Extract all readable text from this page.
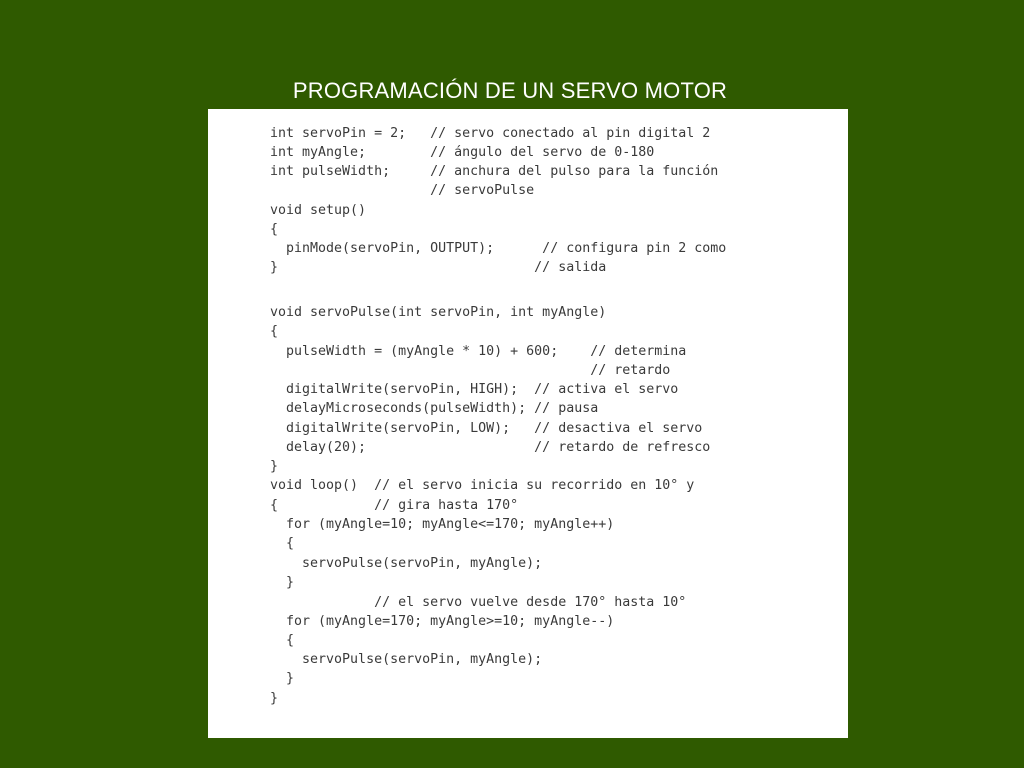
PROGRAMACIÓN DE UN SERVO MOTOR
int servoPin = 2;   // servo conectado al pin digital 2
int myAngle;        // ángulo del servo de 0-180
int pulseWidth;     // anchura del pulso para la función
// servoPulse
void setup()
{
pinMode(servoPin, OUTPUT);      // configura pin 2 como
}                                // salida
void servoPulse(int servoPin, int myAngle)
{
pulseWidth = (myAngle * 10) + 600;    // determina
// retardo
digitalWrite(servoPin, HIGH);  // activa el servo
delayMicroseconds(pulseWidth); // pausa
digitalWrite(servoPin, LOW);   // desactiva el servo
delay(20);                     // retardo de refresco
}
void loop()  // el servo inicia su recorrido en 10° y
{            // gira hasta 170°
for (myAngle=10; myAngle<=170; myAngle++)
{
servoPulse(servoPin, myAngle);
}
// el servo vuelve desde 170° hasta 10°
for (myAngle=170; myAngle>=10; myAngle--)
{
servoPulse(servoPin, myAngle);
}
}
